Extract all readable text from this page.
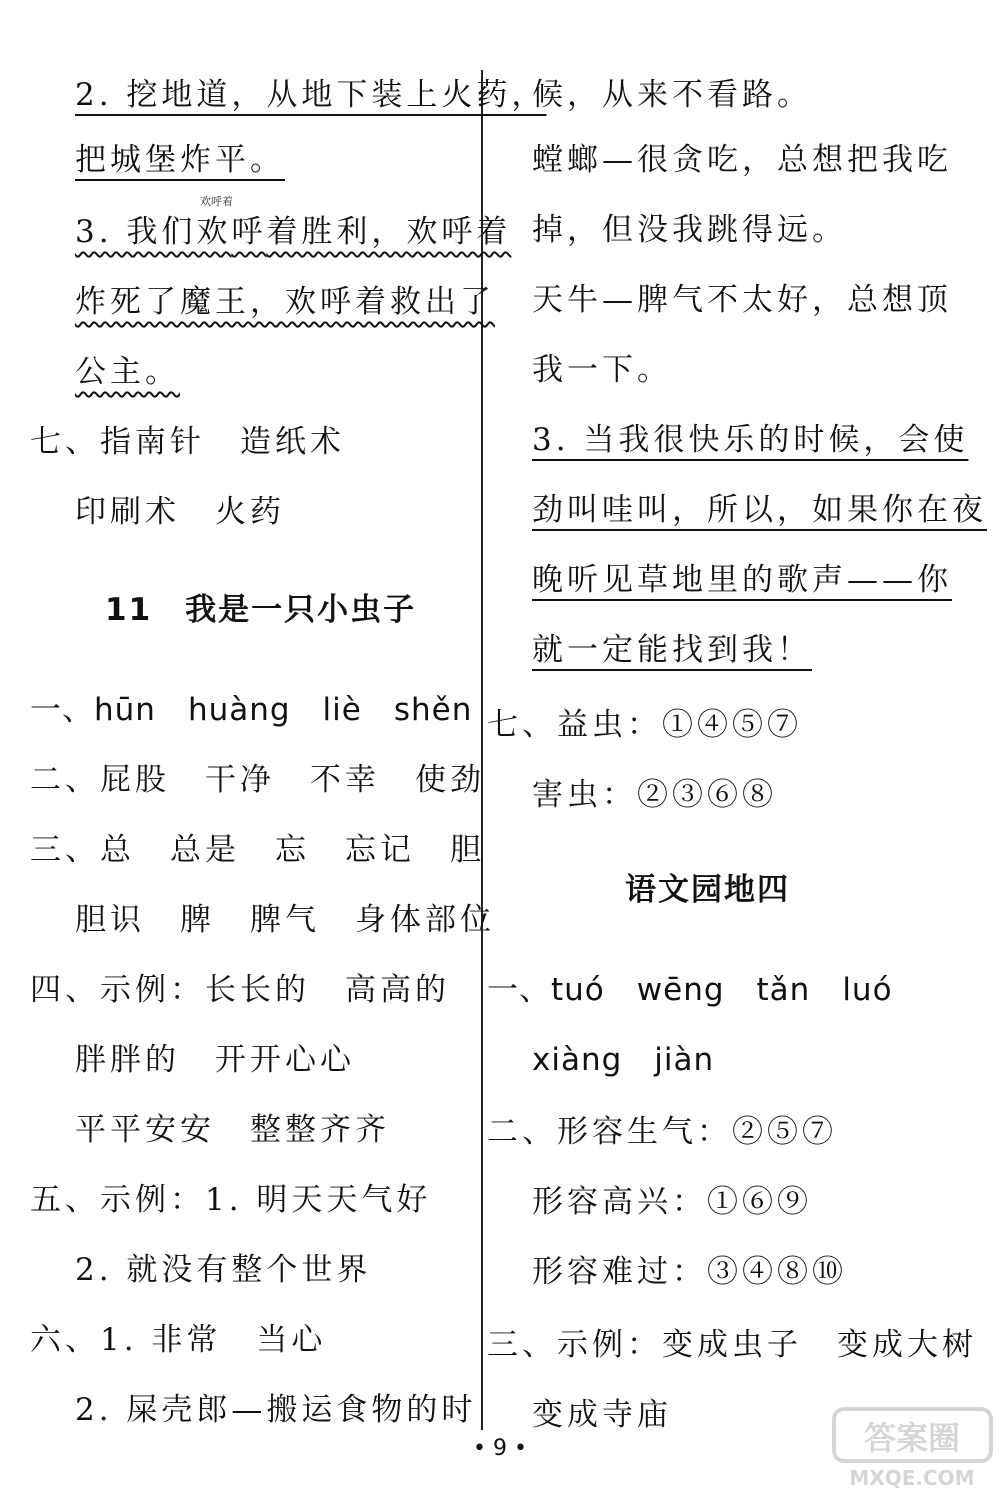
2. 挖地道，从地下装上火药，
把城堡炸平。
欢呼着
3. 我们欢呼着胜利，欢呼着
炸死了魔王，欢呼着救出了
公主。
七、指南针　造纸术
印刷术　火药
11　我是一只小虫子
一、hūn　huàng　liè　shěn
二、屁股　干净　不幸　使劲
三、总　总是　忘　忘记　胆
胆识　脾　脾气　身体部位
四、示例：长长的　高高的
胖胖的　开开心心
平平安安　整整齐齐
五、示例：1. 明天天气好
2. 就没有整个世界
六、1. 非常　当心
2. 屎壳郎—搬运食物的时
候，从来不看路。
螳螂—很贪吃，总想把我吃
掉，但没我跳得远。
天牛—脾气不太好，总想顶
我一下。
3. 当我很快乐的时候，会使
劲叫哇叫，所以，如果你在夜
晚听见草地里的歌声——你
就一定能找到我！
七、益虫：①④⑤⑦
害虫：②③⑥⑧
语文园地四
一、tuó　wēng　tǎn　luó
xiàng　jiàn
二、形容生气：②⑤⑦
形容高兴：①⑥⑨
形容难过：③④⑧⑩
三、示例：变成虫子　变成大树
变成寺庙
• 9 •	答案圈
MXQE.COM
